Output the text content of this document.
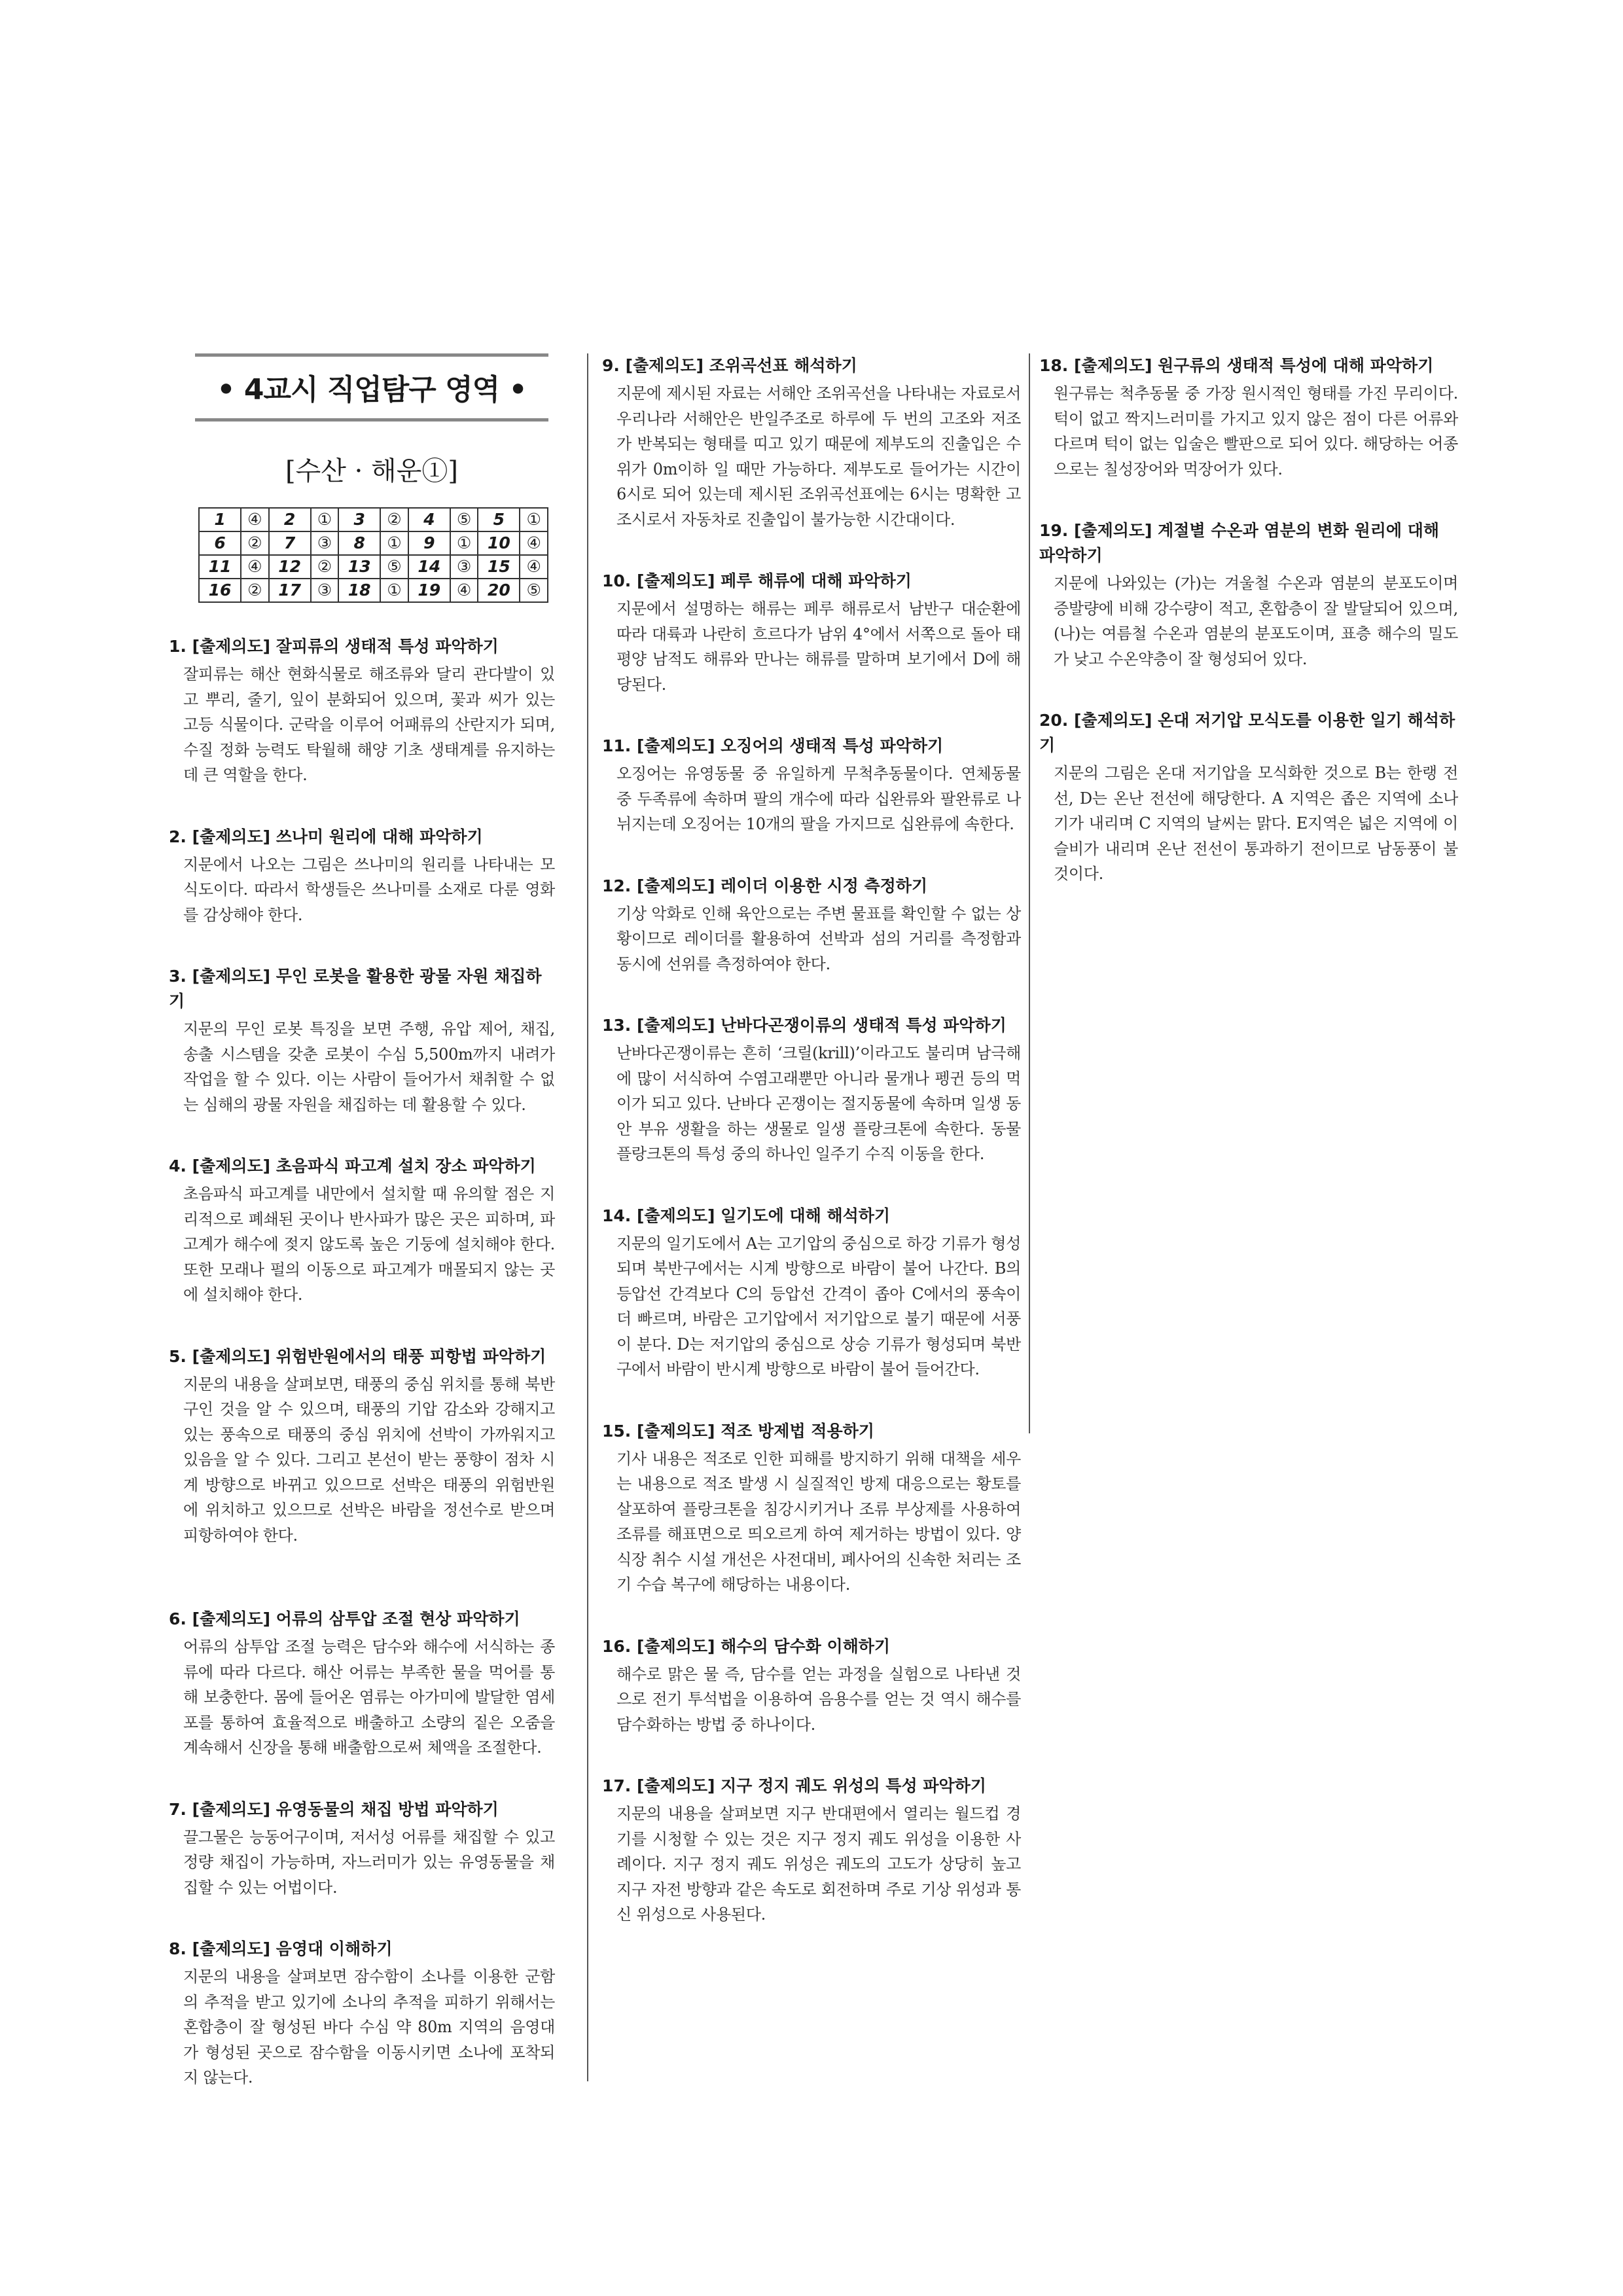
• 4교시 직업탐구 영역 •
[수산 · 해운①]
1	④	2	①	3	②	4	⑤	5	①
6	②	7	③	8	①	9	①	10	④
11	④	12	②	13	⑤	14	③	15	④
16	②	17	③	18	①	19	④	20	⑤
1. [출제의도] 잘피류의 생태적 특성 파악하기
잘피류는 해산 현화식물로 해조류와 달리 관다발이 있고 뿌리, 줄기, 잎이 분화되어 있으며, 꽃과 씨가 있는 고등 식물이다. 군락을 이루어 어패류의 산란지가 되며, 수질 정화 능력도 탁월해 해양 기초 생태계를 유지하는 데 큰 역할을 한다.
2. [출제의도] 쓰나미 원리에 대해 파악하기
지문에서 나오는 그림은 쓰나미의 원리를 나타내는 모식도이다. 따라서 학생들은 쓰나미를 소재로 다룬 영화를 감상해야 한다.
3. [출제의도] 무인 로봇을 활용한 광물 자원 채집하기
지문의 무인 로봇 특징을 보면 주행, 유압 제어, 채집, 송출 시스템을 갖춘 로봇이 수심 5,500m까지 내려가 작업을 할 수 있다. 이는 사람이 들어가서 채취할 수 없는 심해의 광물 자원을 채집하는 데 활용할 수 있다.
4. [출제의도] 초음파식 파고계 설치 장소 파악하기
초음파식 파고계를 내만에서 설치할 때 유의할 점은 지리적으로 폐쇄된 곳이나 반사파가 많은 곳은 피하며, 파고계가 해수에 젖지 않도록 높은 기둥에 설치해야 한다. 또한 모래나 펄의 이동으로 파고계가 매몰되지 않는 곳에 설치해야 한다.
5. [출제의도] 위험반원에서의 태풍 피항법 파악하기
지문의 내용을 살펴보면, 태풍의 중심 위치를 통해 북반구인 것을 알 수 있으며, 태풍의 기압 감소와 강해지고 있는 풍속으로 태풍의 중심 위치에 선박이 가까워지고 있음을 알 수 있다. 그리고 본선이 받는 풍향이 점차 시계 방향으로 바뀌고 있으므로 선박은 태풍의 위험반원에 위치하고 있으므로 선박은 바람을 정선수로 받으며 피항하여야 한다.
6. [출제의도] 어류의 삼투압 조절 현상 파악하기
어류의 삼투압 조절 능력은 담수와 해수에 서식하는 종류에 따라 다르다. 해산 어류는 부족한 물을 먹어를 통해 보충한다. 몸에 들어온 염류는 아가미에 발달한 염세포를 통하여 효율적으로 배출하고 소량의 짙은 오줌을 계속해서 신장을 통해 배출함으로써 체액을 조절한다.
7. [출제의도] 유영동물의 채집 방법 파악하기
끌그물은 능동어구이며, 저서성 어류를 채집할 수 있고 정량 채집이 가능하며, 자느러미가 있는 유영동물을 채집할 수 있는 어법이다.
8. [출제의도] 음영대 이해하기
지문의 내용을 살펴보면 잠수함이 소나를 이용한 군함의 추적을 받고 있기에 소나의 추적을 피하기 위해서는 혼합층이 잘 형성된 바다 수심 약 80m 지역의 음영대가 형성된 곳으로 잠수함을 이동시키면 소나에 포착되지 않는다.
9. [출제의도] 조위곡선표 해석하기
지문에 제시된 자료는 서해안 조위곡선을 나타내는 자료로서 우리나라 서해안은 반일주조로 하루에 두 번의 고조와 저조가 반복되는 형태를 띠고 있기 때문에 제부도의 진출입은 수위가 0m이하 일 때만 가능하다. 제부도로 들어가는 시간이 6시로 되어 있는데 제시된 조위곡선표에는 6시는 명확한 고조시로서 자동차로 진출입이 불가능한 시간대이다.
10. [출제의도] 페루 해류에 대해 파악하기
지문에서 설명하는 해류는 페루 해류로서 남반구 대순환에 따라 대륙과 나란히 흐르다가 남위 4°에서 서쪽으로 돌아 태평양 남적도 해류와 만나는 해류를 말하며 보기에서 D에 해당된다.
11. [출제의도] 오징어의 생태적 특성 파악하기
오징어는 유영동물 중 유일하게 무척추동물이다. 연체동물 중 두족류에 속하며 팔의 개수에 따라 십완류와 팔완류로 나뉘지는데 오징어는 10개의 팔을 가지므로 십완류에 속한다.
12. [출제의도] 레이더 이용한 시정 측정하기
기상 악화로 인해 육안으로는 주변 물표를 확인할 수 없는 상황이므로 레이더를 활용하여 선박과 섬의 거리를 측정함과 동시에 선위를 측정하여야 한다.
13. [출제의도] 난바다곤쟁이류의 생태적 특성 파악하기
난바다곤쟁이류는 흔히 ‘크릴(krill)’이라고도 불리며 남극해에 많이 서식하여 수염고래뿐만 아니라 물개나 펭귄 등의 먹이가 되고 있다. 난바다 곤쟁이는 절지동물에 속하며 일생 동안 부유 생활을 하는 생물로 일생 플랑크톤에 속한다. 동물 플랑크톤의 특성 중의 하나인 일주기 수직 이동을 한다.
14. [출제의도] 일기도에 대해 해석하기
지문의 일기도에서 A는 고기압의 중심으로 하강 기류가 형성되며 북반구에서는 시계 방향으로 바람이 불어 나간다. B의 등압선 간격보다 C의 등압선 간격이 좁아 C에서의 풍속이 더 빠르며, 바람은 고기압에서 저기압으로 불기 때문에 서풍이 분다. D는 저기압의 중심으로 상승 기류가 형성되며 북반구에서 바람이 반시계 방향으로 바람이 불어 들어간다.
15. [출제의도] 적조 방제법 적용하기
기사 내용은 적조로 인한 피해를 방지하기 위해 대책을 세우는 내용으로 적조 발생 시 실질적인 방제 대응으로는 황토를 살포하여 플랑크톤을 침강시키거나 조류 부상제를 사용하여 조류를 해표면으로 띄오르게 하여 제거하는 방법이 있다. 양식장 취수 시설 개선은 사전대비, 폐사어의 신속한 처리는 조기 수습 복구에 해당하는 내용이다.
16. [출제의도] 해수의 담수화 이해하기
해수로 맑은 물 즉, 담수를 얻는 과정을 실험으로 나타낸 것으로 전기 투석법을 이용하여 음용수를 얻는 것 역시 해수를 담수화하는 방법 중 하나이다.
17. [출제의도] 지구 정지 궤도 위성의 특성 파악하기
지문의 내용을 살펴보면 지구 반대편에서 열리는 월드컵 경기를 시청할 수 있는 것은 지구 정지 궤도 위성을 이용한 사례이다. 지구 정지 궤도 위성은 궤도의 고도가 상당히 높고 지구 자전 방향과 같은 속도로 회전하며 주로 기상 위성과 통신 위성으로 사용된다.
18. [출제의도] 원구류의 생태적 특성에 대해 파악하기
원구류는 척추동물 중 가장 원시적인 형태를 가진 무리이다. 턱이 없고 짝지느러미를 가지고 있지 않은 점이 다른 어류와 다르며 턱이 없는 입술은 빨판으로 되어 있다. 해당하는 어종으로는 칠성장어와 먹장어가 있다.
19. [출제의도] 계절별 수온과 염분의 변화 원리에 대해 파악하기
지문에 나와있는 (가)는 겨울철 수온과 염분의 분포도이며 증발량에 비해 강수량이 적고, 혼합층이 잘 발달되어 있으며, (나)는 여름철 수온과 염분의 분포도이며, 표층 해수의 밀도가 낮고 수온약층이 잘 형성되어 있다.
20. [출제의도] 온대 저기압 모식도를 이용한 일기 해석하기
지문의 그림은 온대 저기압을 모식화한 것으로 B는 한랭 전선, D는 온난 전선에 해당한다. A 지역은 좁은 지역에 소나기가 내리며 C 지역의 날씨는 맑다. E지역은 넓은 지역에 이슬비가 내리며 온난 전선이 통과하기 전이므로 남동풍이 불 것이다.
